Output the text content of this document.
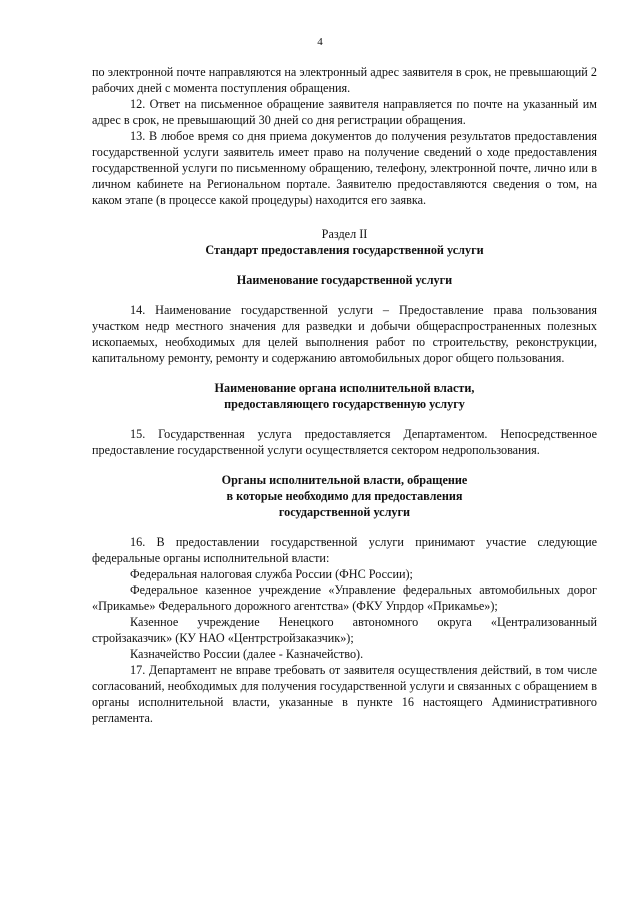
4

по электронной почте направляются на электронный адрес заявителя в срок, не превышающий 2 рабочих дней с момента поступления обращения.

12. Ответ на письменное обращение заявителя направляется по почте на указанный им адрес в срок, не превышающий 30 дней со дня регистрации обращения.

13. В любое время со дня приема документов до получения результатов предоставления государственной услуги заявитель имеет право на получение сведений о ходе предоставления государственной услуги по письменному обращению, телефону, электронной почте, лично или в личном кабинете на Региональном портале. Заявителю предоставляются сведения о том, на каком этапе (в процессе какой процедуры) находится его заявка.

Раздел II
Стандарт предоставления государственной услуги
Наименование государственной услуги

14. Наименование государственной услуги – Предоставление права пользования участком недр местного значения для разведки и добычи общераспространенных полезных ископаемых, необходимых для целей выполнения работ по строительству, реконструкции, капитальному ремонту, ремонту и содержанию автомобильных дорог общего пользования.

Наименование органа исполнительной власти,
предоставляющего государственную услугу

15. Государственная услуга предоставляется Департаментом. Непосредственное предоставление государственной услуги осуществляется сектором недропользования.

Органы исполнительной власти, обращение
в которые необходимо для предоставления
государственной услуги

16. В предоставлении государственной услуги принимают участие следующие федеральные органы исполнительной власти:

Федеральная налоговая служба России (ФНС России);

Федеральное казенное учреждение «Управление федеральных автомобильных дорог «Прикамье» Федерального дорожного агентства» (ФКУ Упрдор «Прикамье»);

Казенное учреждение Ненецкого автономного округа «Централизованный стройзаказчик» (КУ НАО «Центрстройзаказчик»);

Казначейство России (далее - Казначейство).

17. Департамент не вправе требовать от заявителя осуществления действий, в том числе согласований, необходимых для получения государственной услуги и связанных с обращением в органы исполнительной власти, указанные в пункте 16 настоящего Административного регламента.
